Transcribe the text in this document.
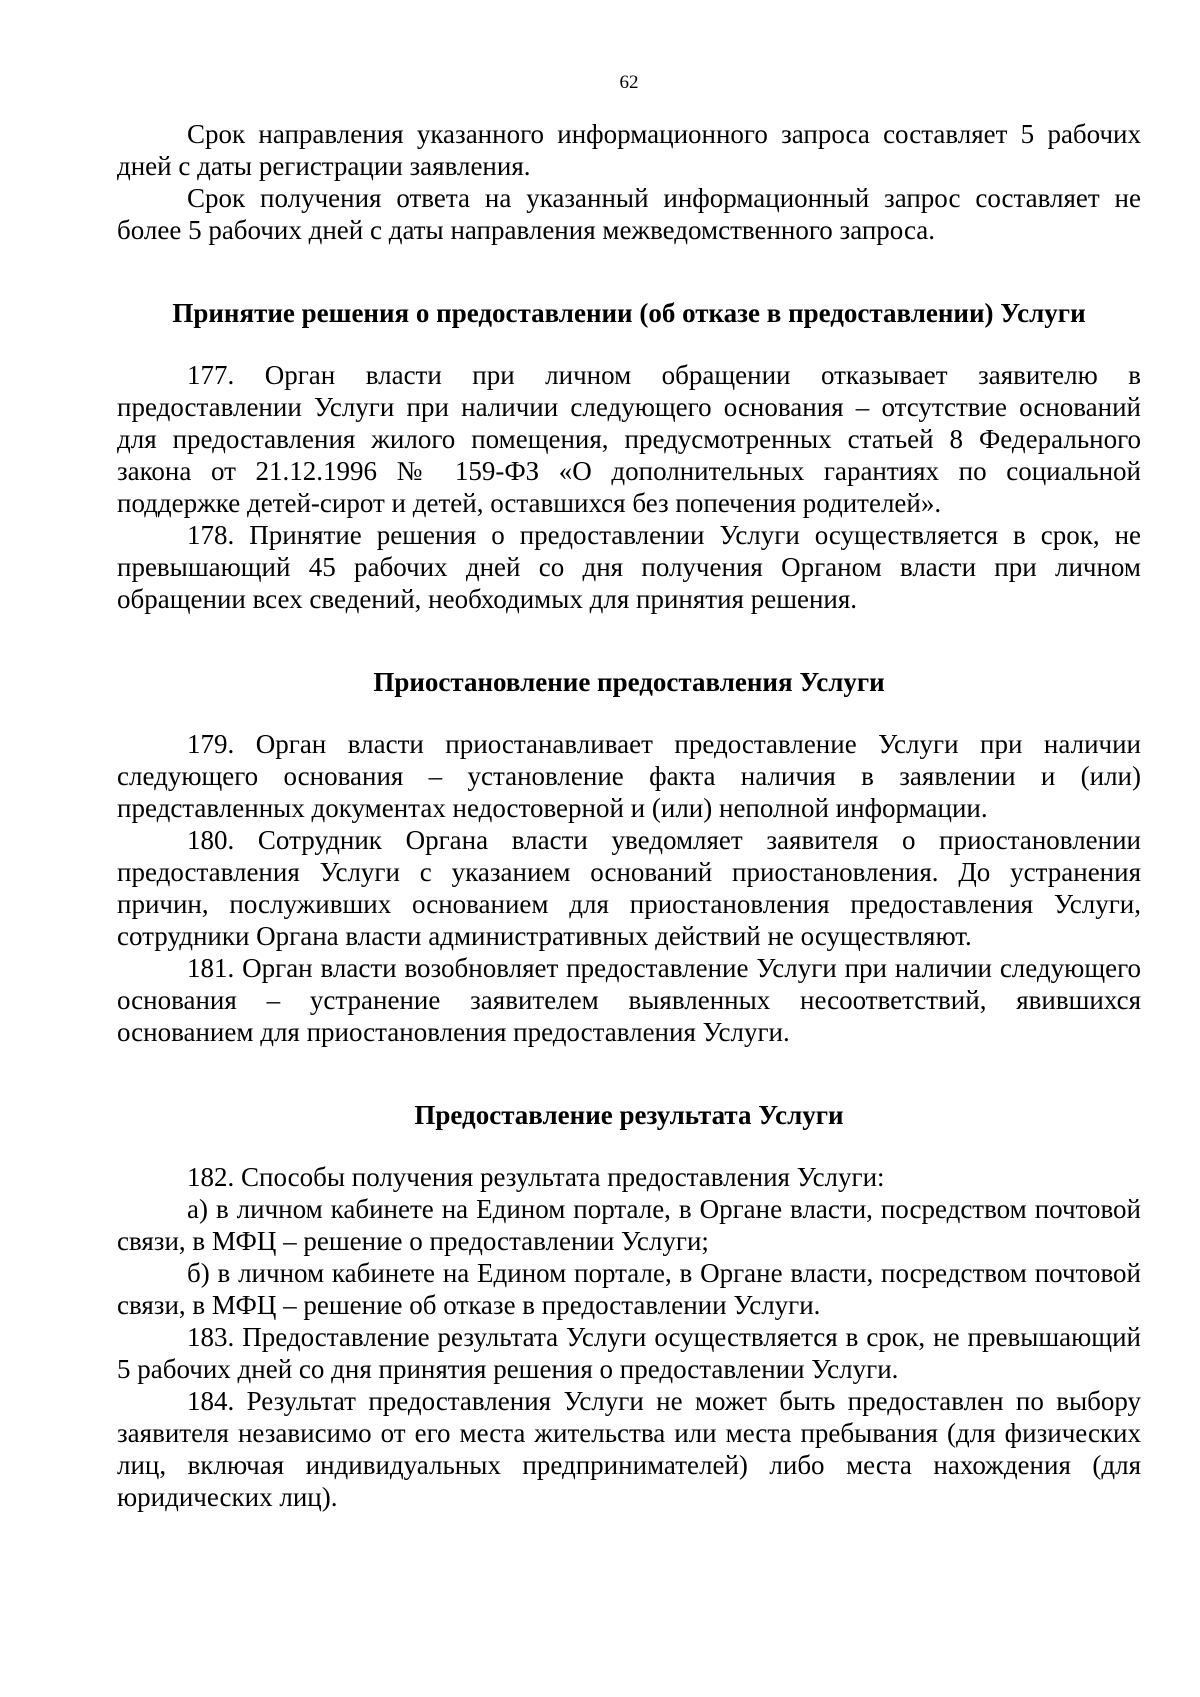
62

Срок направления указанного информационного запроса составляет 5 рабочих дней с даты регистрации заявления.

Срок получения ответа на указанный информационный запрос составляет не более 5 рабочих дней с даты направления межведомственного запроса.

Принятие решения о предоставлении (об отказе в предоставлении) Услуги

177. Орган власти при личном обращении отказывает заявителю в предоставлении Услуги при наличии следующего основания – отсутствие оснований для предоставления жилого помещения, предусмотренных статьей 8 Федерального закона от 21.12.1996 № 159-ФЗ «О дополнительных гарантиях по социальной поддержке детей-сирот и детей, оставшихся без попечения родителей».

178. Принятие решения о предоставлении Услуги осуществляется в срок, не превышающий 45 рабочих дней со дня получения Органом власти при личном обращении всех сведений, необходимых для принятия решения.

Приостановление предоставления Услуги

179. Орган власти приостанавливает предоставление Услуги при наличии следующего основания – установление факта наличия в заявлении и (или) представленных документах недостоверной и (или) неполной информации.

180. Сотрудник Органа власти уведомляет заявителя о приостановлении предоставления Услуги с указанием оснований приостановления. До устранения причин, послуживших основанием для приостановления предоставления Услуги, сотрудники Органа власти административных действий не осуществляют.

181. Орган власти возобновляет предоставление Услуги при наличии следующего основания – устранение заявителем выявленных несоответствий, явившихся основанием для приостановления предоставления Услуги.

Предоставление результата Услуги

182. Способы получения результата предоставления Услуги:

а) в личном кабинете на Едином портале, в Органе власти, посредством почтовой связи, в МФЦ – решение о предоставлении Услуги;

б) в личном кабинете на Едином портале, в Органе власти, посредством почтовой связи, в МФЦ – решение об отказе в предоставлении Услуги.

183. Предоставление результата Услуги осуществляется в срок, не превышающий 5 рабочих дней со дня принятия решения о предоставлении Услуги.

184. Результат предоставления Услуги не может быть предоставлен по выбору заявителя независимо от его места жительства или места пребывания (для физических лиц, включая индивидуальных предпринимателей) либо места нахождения (для юридических лиц).
